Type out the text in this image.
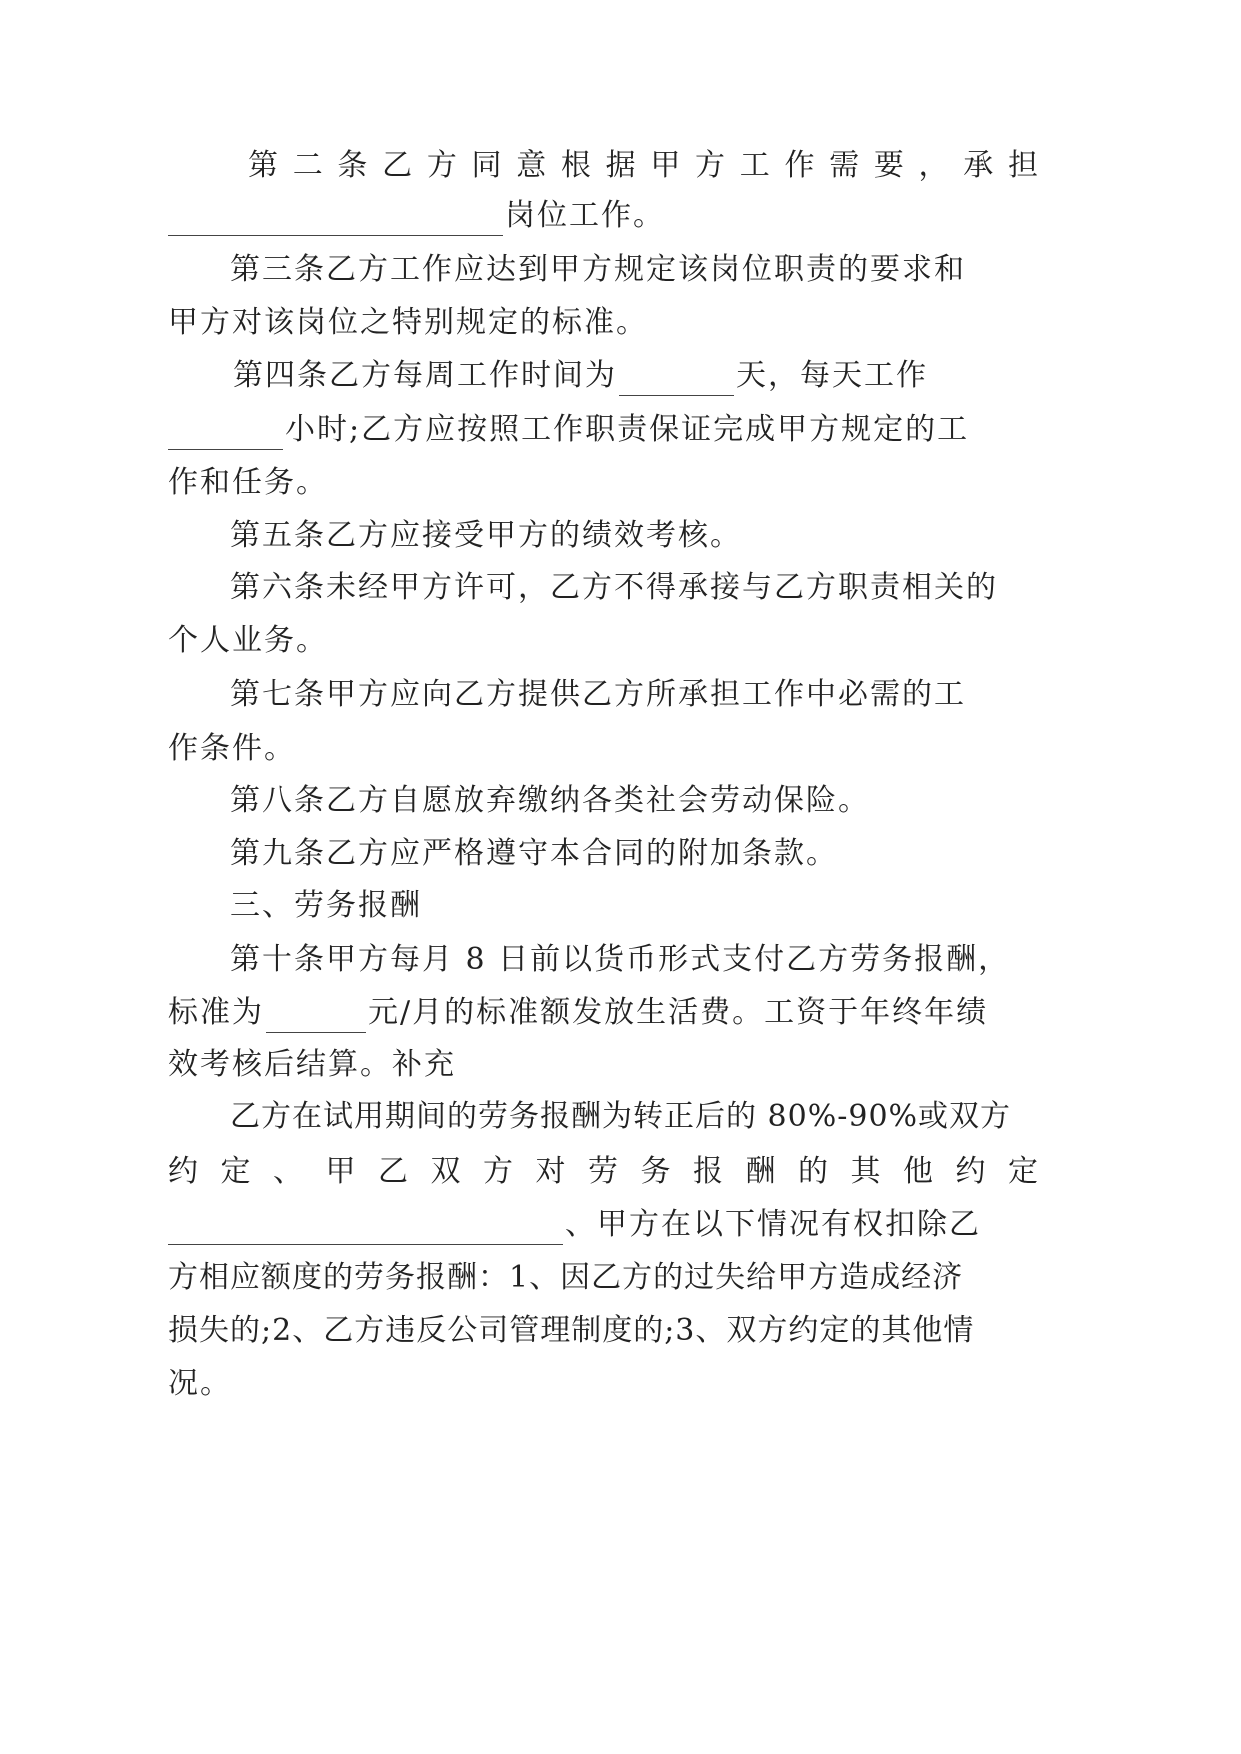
第 二 条 乙 方 同 意 根 据 甲 方 工 作 需 要 ， 承 担
岗位工作。
第三条乙方工作应达到甲方规定该岗位职责的要求和
甲方对该岗位之特别规定的标准。
第四条乙方每周工作时间为	天，每天工作
小时;乙方应按照工作职责保证完成甲方规定的工
作和任务。
第五条乙方应接受甲方的绩效考核。
第六条未经甲方许可，乙方不得承接与乙方职责相关的
个人业务。
第七条甲方应向乙方提供乙方所承担工作中必需的工
作条件。
第八条乙方自愿放弃缴纳各类社会劳动保险。
第九条乙方应严格遵守本合同的附加条款。
三、劳务报酬
第十条甲方每月 8 日前以货币形式支付乙方劳务报酬，
标准为	元/月的标准额发放生活费。工资于年终年绩
效考核后结算。补充
乙方在试用期间的劳务报酬为转正后的 80%-90%或双方
约 定 、 甲 乙 双 方 对 劳 务 报 酬 的 其 他 约 定
、甲方在以下情况有权扣除乙
方相应额度的劳务报酬：1、因乙方的过失给甲方造成经济
损失的;2、乙方违反公司管理制度的;3、双方约定的其他情
况。
